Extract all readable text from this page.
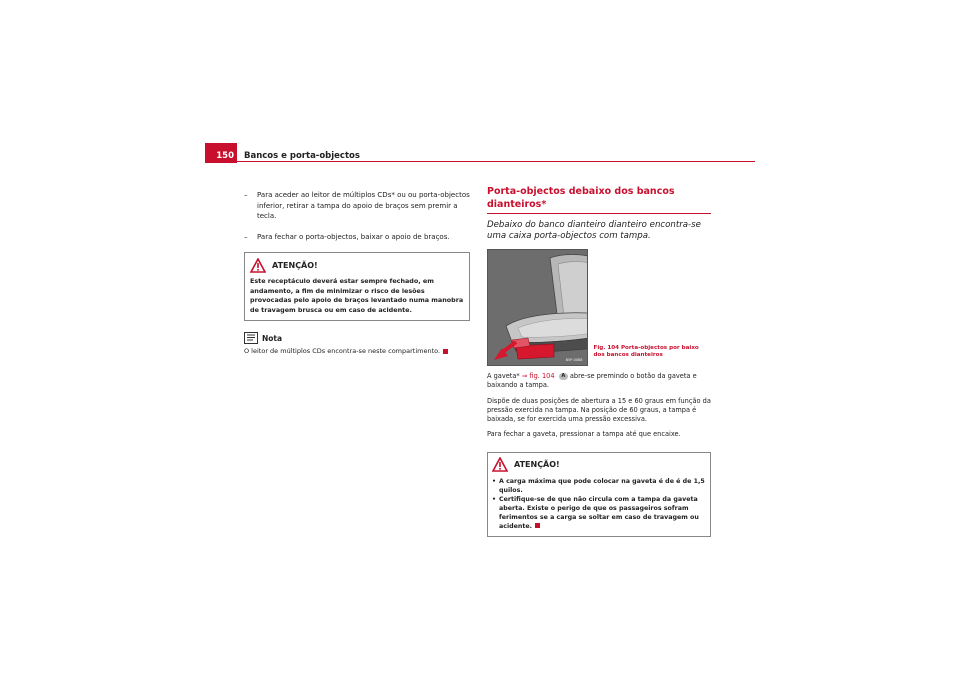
150	Bancos e porta-objectos
– Para aceder ao leitor de múltiplos CDs* ou ou porta-objectos inferior, retirar a tampa do apoio de braços sem premir a tecla.
– Para fechar o porta-objectos, baixar o apoio de braços.
ATENÇÃO!
Este receptáculo deverá estar sempre fechado, em andamento, a fim de minimizar o risco de lesões provocadas pelo apoio de braços levantado numa manobra de travagem brusca ou em caso de acidente.
Nota
O leitor de múltiplos CDs encontra-se neste compartimento.
Porta-objectos debaixo dos bancos dianteiros*
Debaixo do banco dianteiro dianteiro encontra-se uma caixa porta-objectos com tampa.
B5P-0088
Fig. 104 Porta-objectos por baixo dos bancos dianteiros
A gaveta* ⇒ fig. 104 A abre-se premindo o botão da gaveta e baixando a tampa.
Dispõe de duas posições de abertura a 15 e 60 graus em função da pressão exercida na tampa. Na posição de 60 graus, a tampa é baixada, se for exercida uma pressão excessiva.
Para fechar a gaveta, pressionar a tampa até que encaixe.
ATENÇÃO!
• A carga máxima que pode colocar na gaveta é de é de 1,5 quilos.
• Certifique-se de que não circula com a tampa da gaveta aberta. Existe o perigo de que os passageiros sofram ferimentos se a carga se soltar em caso de travagem ou acidente.
